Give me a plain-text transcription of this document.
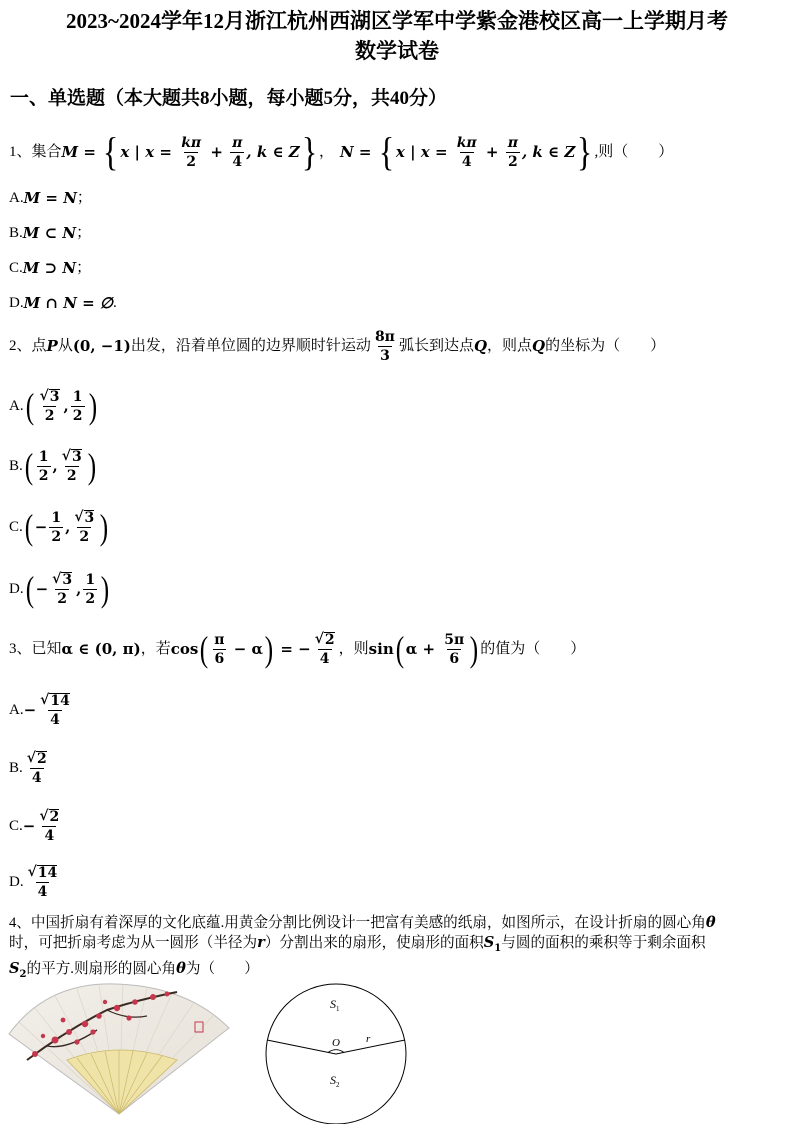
2023~2024学年12月浙江杭州西湖区学军中学紫金港校区高一上学期月考
数学试卷
一、单选题（本大题共8小题，每小题5分，共40分）
1、 集合 M = { x | $x = \frac{k\pi}{2} + \frac{\pi}{4}$ , k ∈ Z } ， N = { x | $x = \frac{k\pi}{4} + \frac{\pi}{2}$ , k ∈ Z } ,则（　　）
A. M = N ；
B. M ⊂ N ；
C. M ⊃ N ；
D. M ∩ N = ∅ .
2、 点 P 从 (0, −1) 出发，沿着单位圆的边界顺时针运动 $\frac{8\pi}{3}$ 弧长到达点 Q ，则点 Q 的坐标为（　　）
A. ( $\frac{√ 3}{2}$ , $\frac{1}{2}$ )
B. ( $\frac{1}{2}$ , $\frac{√ 3}{2}$ )
C. ( − $\frac{1}{2}$ , $\frac{√ 3}{2}$ )
D. ( − $\frac{√ 3}{2}$ , $\frac{1}{2}$ )
3、 已知 α ∈ (0, π) ，若 cos ( $\frac{\pi}{6} - \alpha$ ) = − $\frac{√ 2}{4}$ ，则 sin ( $\alpha + \frac{5\pi}{6}$ ) 的值为（　　）
A. − $\frac{√ 14}{4}$
B. $\frac{√ 2}{4}$
C. − $\frac{√ 2}{4}$
D. $\frac{√ 14}{4}$
4、中国折扇有着深厚的文化底蕴.用黄金分割比例设计一把富有美感的纸扇，如图所示，在设计折扇的圆心角θ
时，可把折扇考虑为从一圆形（半径为r）分割出来的扇形，使扇形的面积$S_1$与圆的面积的乘积等于剩余面积
$S_2$的平方.则扇形的圆心角θ为（　　）
$S_1$
O r
$S_2$
